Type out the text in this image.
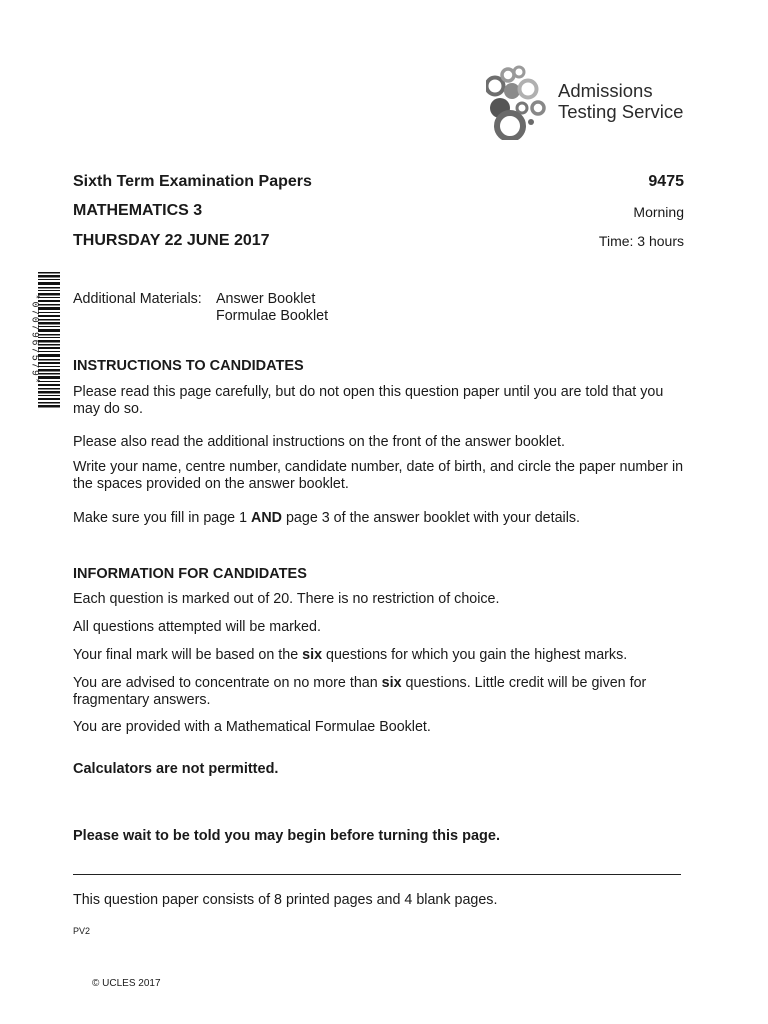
Admissions
Testing Service
Sixth Term Examination Papers	9475
MATHEMATICS 3	Morning
THURSDAY 22 JUNE 2017	Time: 3 hours
*0707967579* Additional Materials: Answer Booklet
Formulae Booklet
INSTRUCTIONS TO CANDIDATES
Please read this page carefully, but do not open this question paper until you are told that you may do so.
Please also read the additional instructions on the front of the answer booklet.
Write your name, centre number, candidate number, date of birth, and circle the paper number in the spaces provided on the answer booklet.
Make sure you fill in page 1 AND page 3 of the answer booklet with your details.
INFORMATION FOR CANDIDATES
Each question is marked out of 20. There is no restriction of choice.
All questions attempted will be marked.
Your final mark will be based on the six questions for which you gain the highest marks.
You are advised to concentrate on no more than six questions. Little credit will be given for fragmentary answers.
You are provided with a Mathematical Formulae Booklet.
Calculators are not permitted.
Please wait to be told you may begin before turning this page.
This question paper consists of 8 printed pages and 4 blank pages.
PV2
© UCLES 2017
